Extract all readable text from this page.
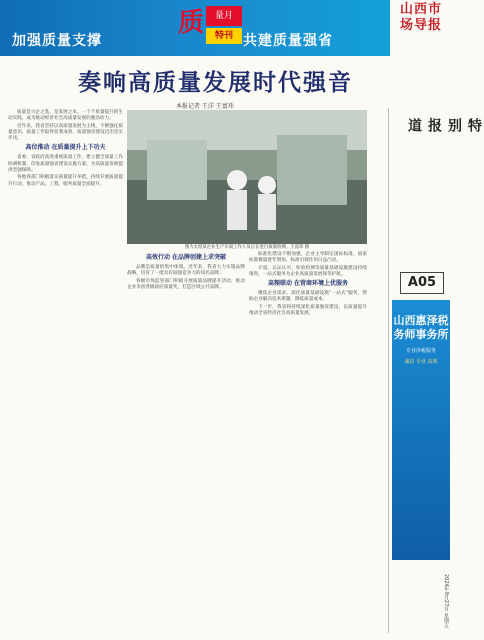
加强质量支撑	共建质量强省
质	量月
特刊
山西市场导报
奏响高质量发展时代强音
本报记者 王洋 王富玮

质量是兴企之基，是发展之本。一个个质量提升的生动实践，成为推动经济社会高质量发展的强劲动力。

近年来，我省坚持以高质量发展为主线，不断强化质量意识，质量工作取得显著成效，质量强省建设迈出坚实步伐。

高位推动 在质量提升上下功夫

省委、省政府高度重视质量工作，建立健全质量工作协调机制，印发质量强省建设实施方案，为高质量发展提供坚强保障。

各地各部门积极落实质量提升举措，持续开展质量提升行动，推动产品、工程、服务质量全面提升。

图为太原某企业生产车间工作人员正在进行质量检测。王富玮 摄
高效行动 在品牌创建上求突破

品牌是质量的集中体现。近年来，我省大力实施品牌战略，培育了一批具有较强竞争力的知名品牌。

各级市场监管部门积极开展质量品牌提升活动，推动企业争创各级政府质量奖，打造区域公共品牌。

标准化建设不断加强，企业主导制定国际标准、国家标准数量逐年增加，标准引领作用日益凸显。

计量、认证认可、检验检测等质量基础设施建设持续推进，一站式服务为企业高质量发展保驾护航。

高频联动 在营商环境上优服务

聚焦企业需求，深化质量基础设施“一站式”服务，帮助企业解决技术难题，降低质量成本。

下一步，我省将持续深化质量强省建设，以质量提升推动全省经济社会高质量发展。

特别报道
A05
山西惠泽税务师事务所
专业涉税服务
诚信 专业 高效
2024年9月27日 星期五
